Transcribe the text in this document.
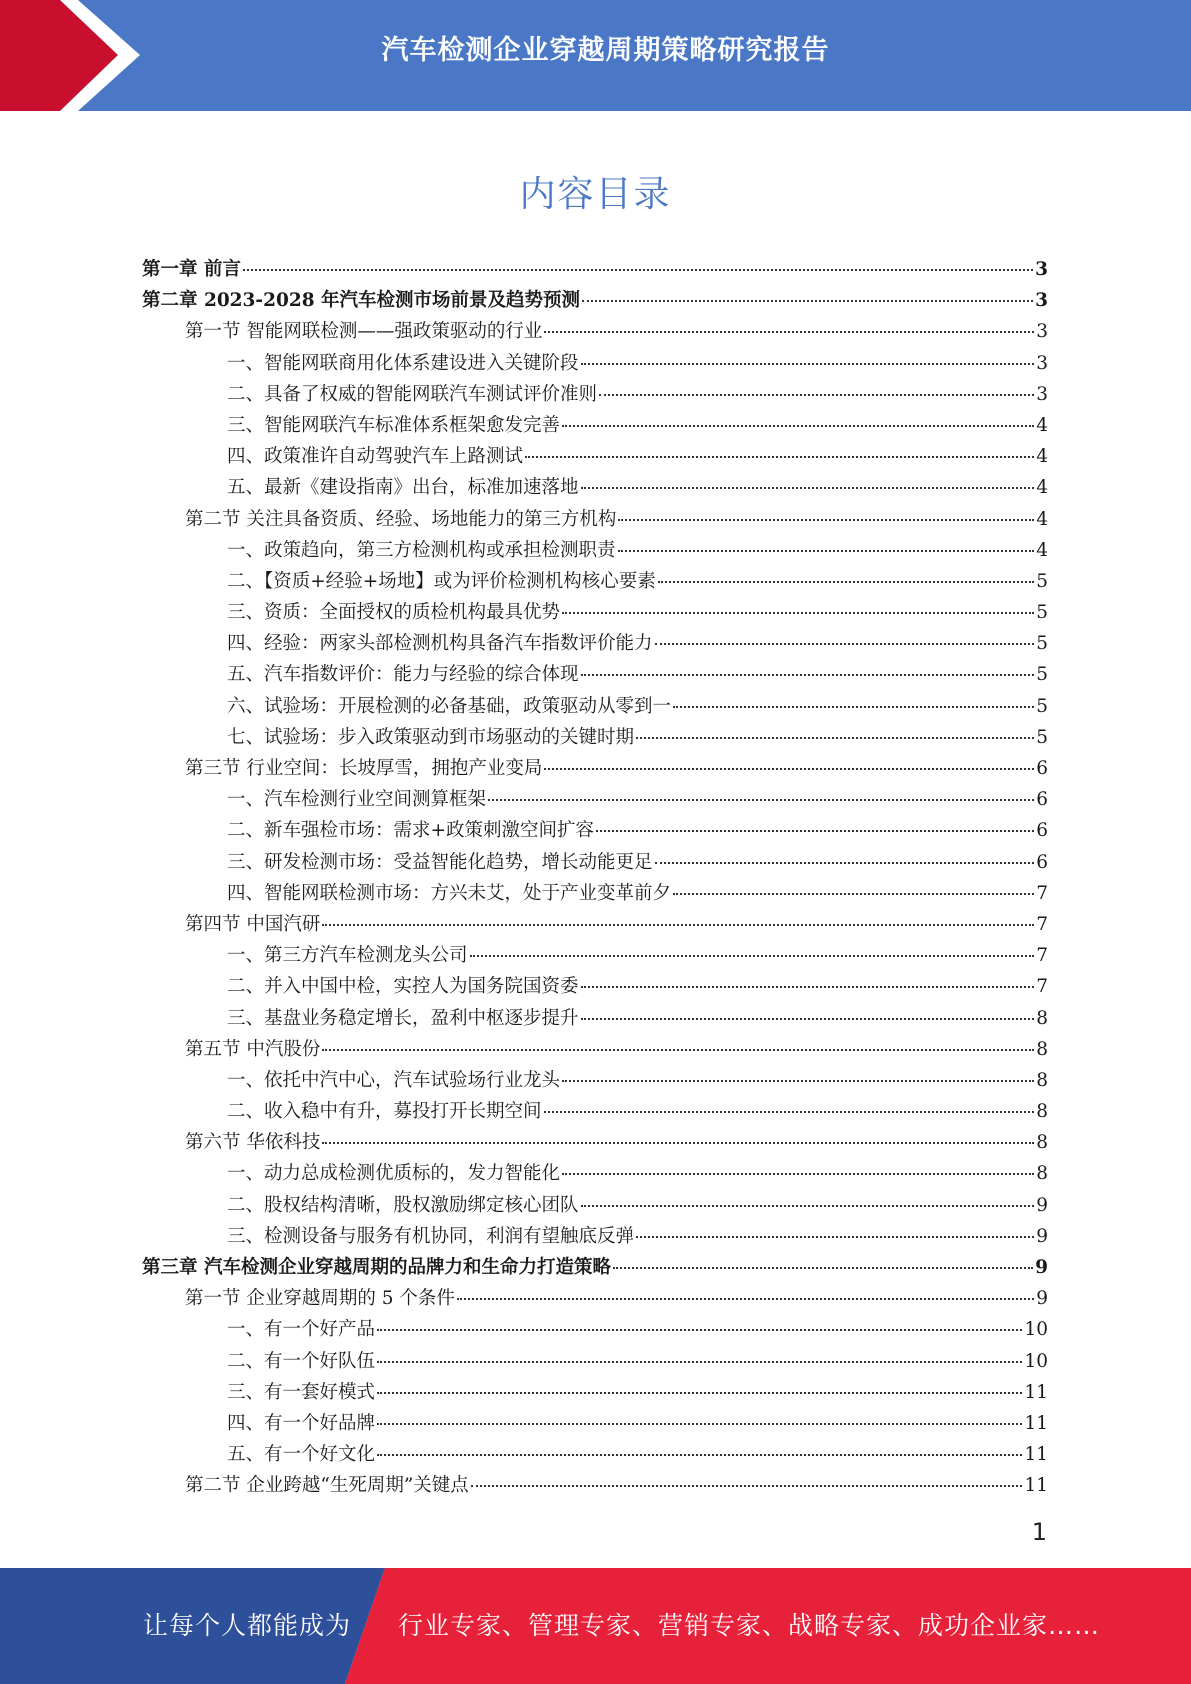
汽车检测企业穿越周期策略研究报告
内容目录
第一章 前言	3
第二章 2023-2028 年汽车检测市场前景及趋势预测	3
第一节 智能网联检测——强政策驱动的行业	3
一、智能网联商用化体系建设进入关键阶段	3
二、具备了权威的智能网联汽车测试评价准则	3
三、智能网联汽车标准体系框架愈发完善	4
四、政策准许自动驾驶汽车上路测试	4
五、最新《建设指南》出台，标准加速落地	4
第二节 关注具备资质、经验、场地能力的第三方机构	4
一、政策趋向，第三方检测机构或承担检测职责	4
二、【资质+经验+场地】或为评价检测机构核心要素	5
三、资质：全面授权的质检机构最具优势	5
四、经验：两家头部检测机构具备汽车指数评价能力	5
五、汽车指数评价：能力与经验的综合体现	5
六、试验场：开展检测的必备基础，政策驱动从零到一	5
七、试验场：步入政策驱动到市场驱动的关键时期	5
第三节 行业空间：长坡厚雪，拥抱产业变局	6
一、汽车检测行业空间测算框架	6
二、新车强检市场：需求+政策刺激空间扩容	6
三、研发检测市场：受益智能化趋势，增长动能更足	6
四、智能网联检测市场：方兴未艾，处于产业变革前夕	7
第四节 中国汽研	7
一、第三方汽车检测龙头公司	7
二、并入中国中检，实控人为国务院国资委	7
三、基盘业务稳定增长，盈利中枢逐步提升	8
第五节 中汽股份	8
一、依托中汽中心，汽车试验场行业龙头	8
二、收入稳中有升，募投打开长期空间	8
第六节 华依科技	8
一、动力总成检测优质标的，发力智能化	8
二、股权结构清晰，股权激励绑定核心团队	9
三、检测设备与服务有机协同，利润有望触底反弹	9
第三章 汽车检测企业穿越周期的品牌力和生命力打造策略	9
第一节 企业穿越周期的 5 个条件	9
一、有一个好产品	10
二、有一个好队伍	10
三、有一套好模式	11
四、有一个好品牌	11
五、有一个好文化	11
第二节 企业跨越“生死周期”关键点	11
1
让每个人都能成为 行业专家、管理专家、营销专家、战略专家、成功企业家……
